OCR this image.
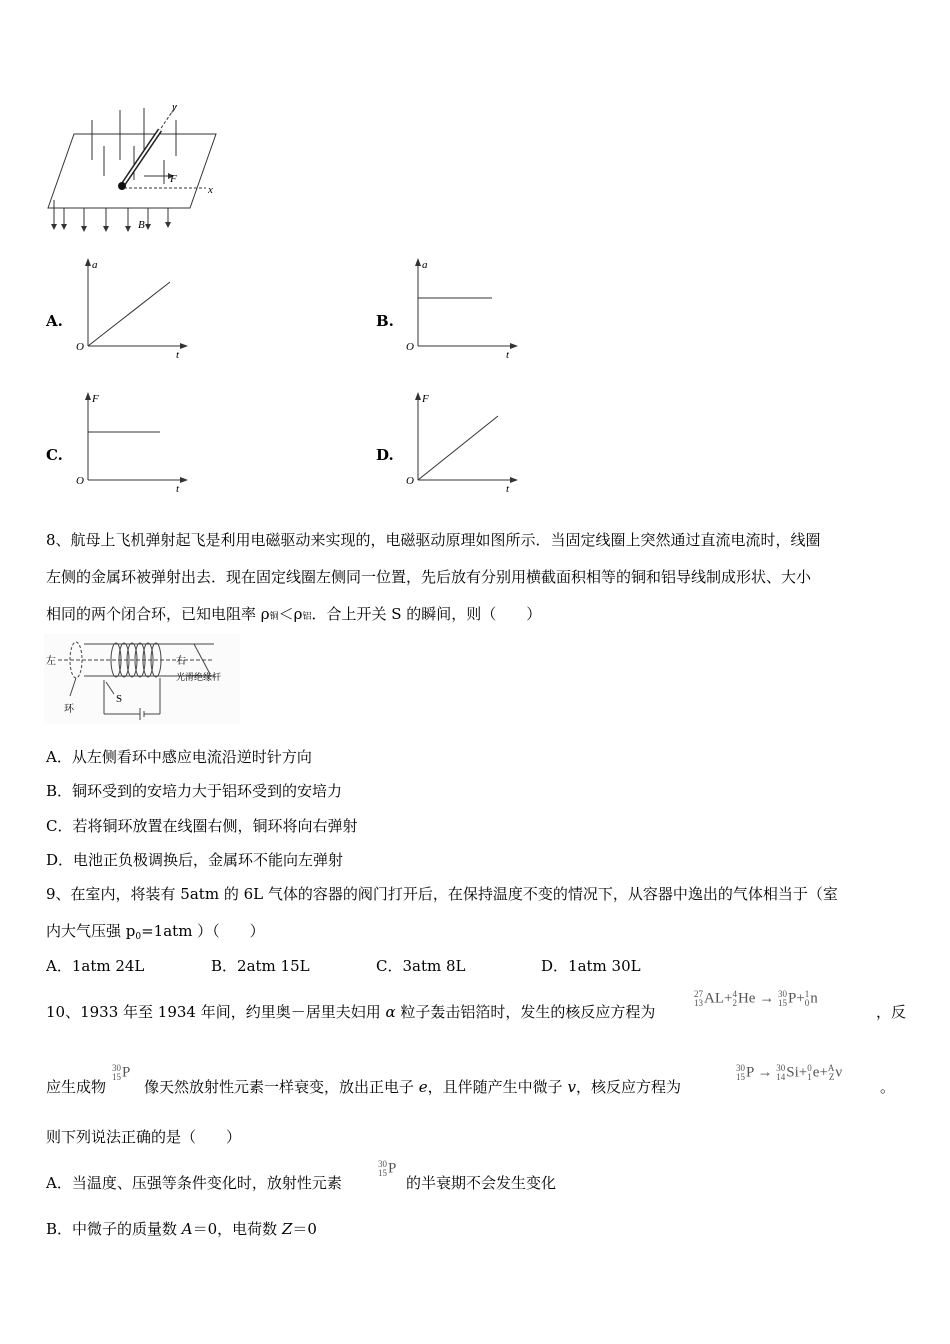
y
x
F
B
A.
a
O
t
B.
a
O
t
C.
F
O
t
D.
F
O
t
8、航母上飞机弹射起飞是利用电磁驱动来实现的，电磁驱动原理如图所示．当固定线圈上突然通过直流电流时，线圈
左侧的金属环被弹射出去．现在固定线圈左侧同一位置，先后放有分别用横截面积相等的铜和铝导线制成形状、大小
相同的两个闭合环，已知电阻率 ρ铜＜ρ铝．合上开关 S 的瞬间，则（　　）
左	右
光滑绝缘杆
环
S
A．从左侧看环中感应电流沿逆时针方向
B．铜环受到的安培力大于铝环受到的安培力
C．若将铜环放置在线圈右侧，铜环将向右弹射
D．电池正负极调换后，金属环不能向左弹射
9、在室内，将装有 5atm 的 6L 气体的容器的阀门打开后，在保持温度不变的情况下，从容器中逸出的气体相当于（室
内大气压强 $p_0=1atm$ ）（　　）
A．1atm 24L	B．2atm 15L	C．3atm 8L	D．1atm 30L
10、1933 年至 1934 年间，约里奥－居里夫妇用 α 粒子轰击铝箔时，发生的核反应方程为
27
13AL+4
2He → 30
15P+1
0n
，反
应生成物
30
15P
像天然放射性元素一样衰变，放出正电子 e，且伴随产生中微子 v，核反应方程为
30
15P → 30
14Si+0
1e+A
Zν
。
则下列说法正确的是（　　）
A．当温度、压强等条件变化时，放射性元素
30
15P
的半衰期不会发生变化
B．中微子的质量数 A＝0，电荷数 Z＝0
